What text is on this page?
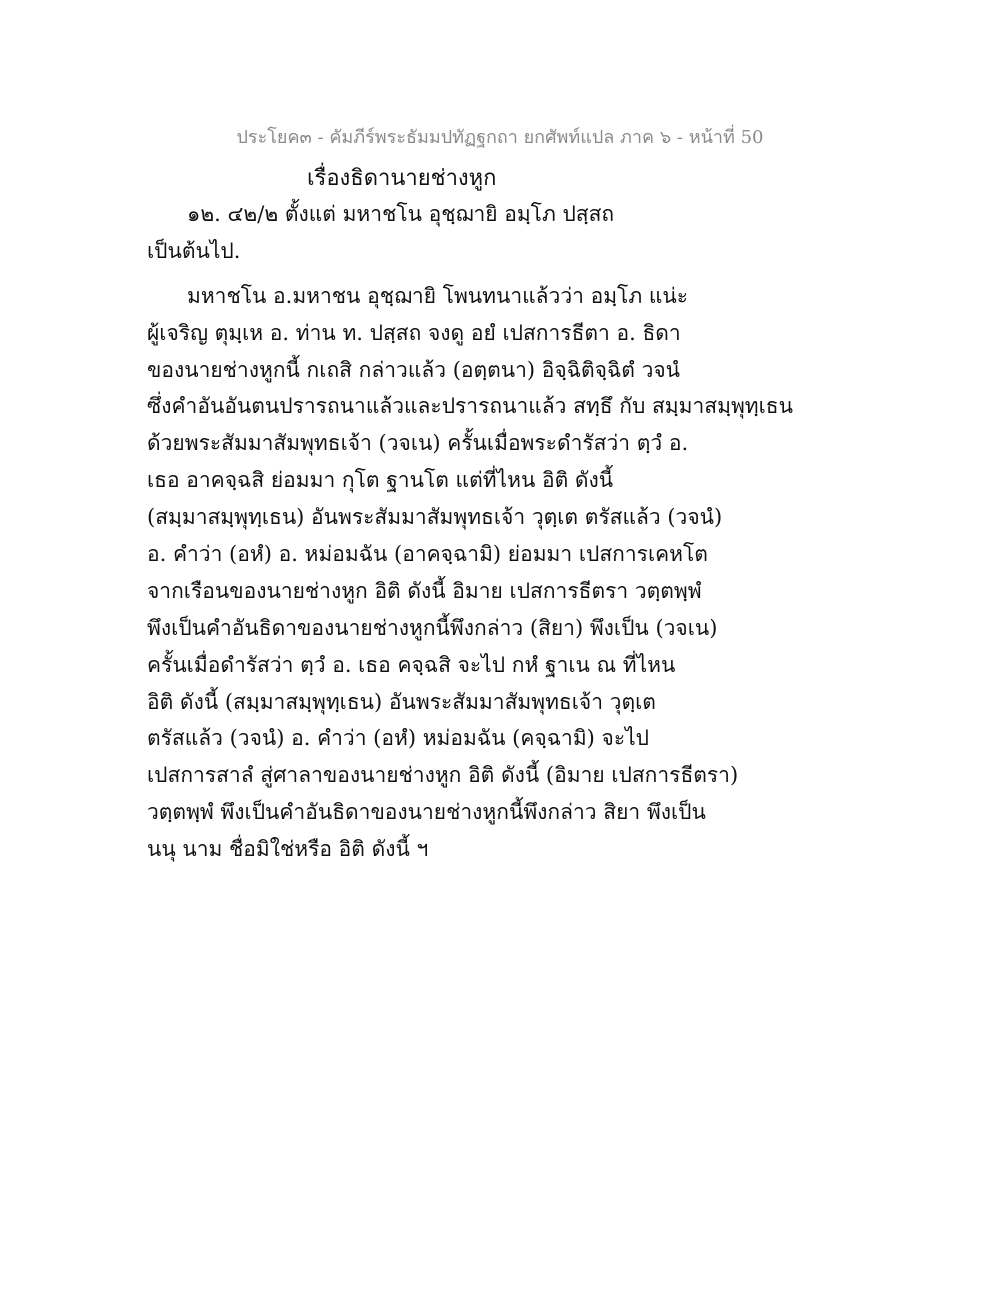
ประโยค๓ - คัมภีร์พระธัมมปทัฏฐกถา ยกศัพท์แปล ภาค ๖ - หน้าที่ 50
เรื่องธิดานายช่างหูก
๑๒. ๔๒/๒ ตั้งแต่ มหาชโน อุชฺฌายิ อมฺโภ ปสฺสถ
เป็นต้นไป.
มหาชโน อ.มหาชน อุชฺฌายิ โพนทนาแล้วว่า อมฺโภ แน่ะ
ผู้เจริญ ตุมฺเห อ. ท่าน ท. ปสฺสถ จงดู อยํ เปสการธีตา อ. ธิดา
ของนายช่างหูกนี้ กเถสิ กล่าวแล้ว (อตฺตนา) อิจฺฉิติจฺฉิตํ วจนํ
ซึ่งคำอันอันตนปรารถนาแล้วและปรารถนาแล้ว สทฺธึ กับ สมฺมาสมฺพุทฺเธน
ด้วยพระสัมมาสัมพุทธเจ้า (วจเน) ครั้นเมื่อพระดำรัสว่า ตฺวํ อ.
เธอ อาคจฺฉสิ ย่อมมา กุโต ฐานโต แต่ที่ไหน อิติ ดังนี้
(สมฺมาสมฺพุทฺเธน) อันพระสัมมาสัมพุทธเจ้า วุตฺเต ตรัสแล้ว (วจนํ)
อ. คำว่า (อหํ) อ. หม่อมฉัน (อาคจฺฉามิ) ย่อมมา เปสการเคหโต
จากเรือนของนายช่างหูก อิติ ดังนี้ อิมาย เปสการธีตรา วตฺตพฺพํ
พึงเป็นคำอันธิดาของนายช่างหูกนี้พึงกล่าว (สิยา) พึงเป็น (วจเน)
ครั้นเมื่อดำรัสว่า ตฺวํ อ. เธอ คจฺฉสิ จะไป กหํ ฐาเน ณ ที่ไหน
อิติ ดังนี้ (สมฺมาสมฺพุทฺเธน) อันพระสัมมาสัมพุทธเจ้า วุตฺเต
ตรัสแล้ว (วจนํ) อ. คำว่า (อหํ) หม่อมฉัน (คจฺฉามิ) จะไป
เปสการสาลํ สู่ศาลาของนายช่างหูก อิติ ดังนี้ (อิมาย เปสการธีตรา)
วตฺตพฺพํ พึงเป็นคำอันธิดาของนายช่างหูกนี้พึงกล่าว สิยา พึงเป็น
นนุ นาม ชื่อมิใช่หรือ อิติ ดังนี้ ฯ
